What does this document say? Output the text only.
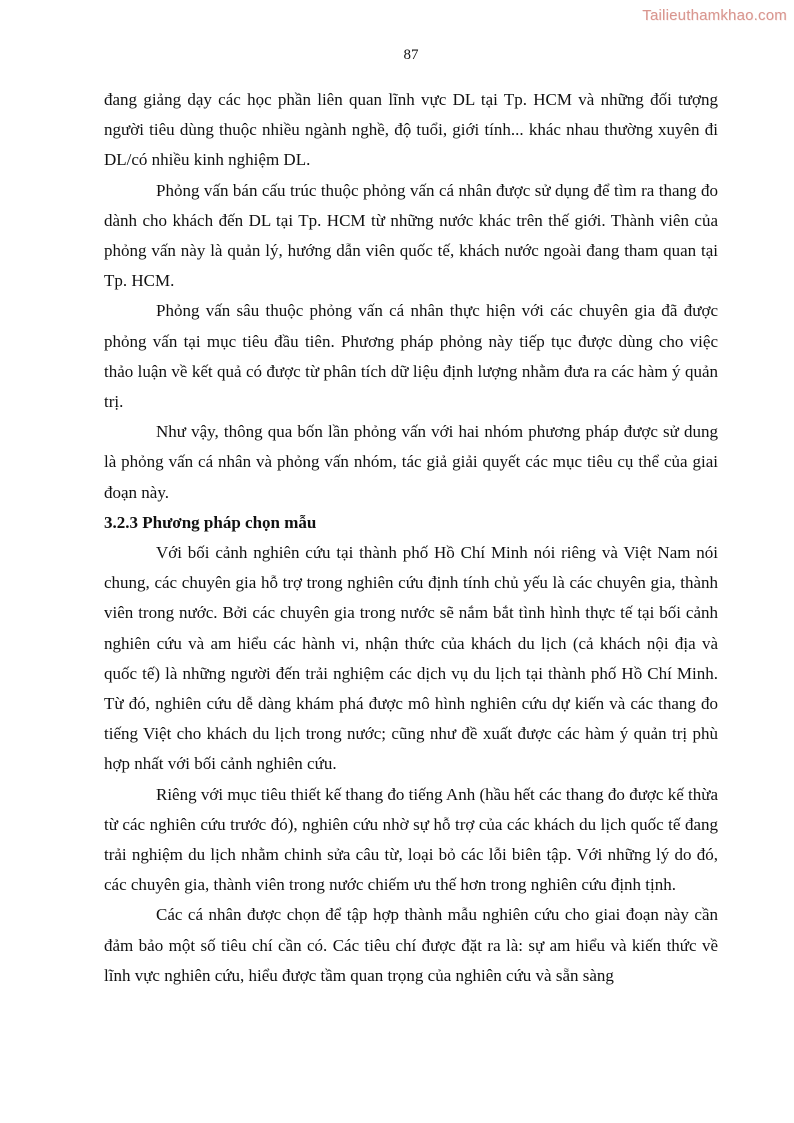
Tailieuthamkhao.com
87

đang giảng dạy các học phần liên quan lĩnh vực DL tại Tp. HCM và những đối tượng người tiêu dùng thuộc nhiều ngành nghề, độ tuổi, giới tính... khác nhau thường xuyên đi DL/có nhiều kinh nghiệm DL.

Phỏng vấn bán cấu trúc thuộc phỏng vấn cá nhân được sử dụng để tìm ra thang đo dành cho khách đến DL tại Tp. HCM từ những nước khác trên thế giới. Thành viên của phỏng vấn này là quản lý, hướng dẫn viên quốc tế, khách nước ngoài đang tham quan tại Tp. HCM.

Phỏng vấn sâu thuộc phỏng vấn cá nhân thực hiện với các chuyên gia đã được phỏng vấn tại mục tiêu đầu tiên. Phương pháp phỏng này tiếp tục được dùng cho việc thảo luận về kết quả có được từ phân tích dữ liệu định lượng nhằm đưa ra các hàm ý quản trị.

Như vậy, thông qua bốn lần phỏng vấn với hai nhóm phương pháp được sử dung là phỏng vấn cá nhân và phỏng vấn nhóm, tác giả giải quyết các mục tiêu cụ thể của giai đoạn này.

3.2.3 Phương pháp chọn mẫu

Với bối cảnh nghiên cứu tại thành phố Hồ Chí Minh nói riêng và Việt Nam nói chung, các chuyên gia hỗ trợ trong nghiên cứu định tính chủ yếu là các chuyên gia, thành viên trong nước. Bởi các chuyên gia trong nước sẽ nắm bắt tình hình thực tế tại bối cảnh nghiên cứu và am hiểu các hành vi, nhận thức của khách du lịch (cả khách nội địa và quốc tế) là những người đến trải nghiệm các dịch vụ du lịch tại thành phố Hồ Chí Minh. Từ đó, nghiên cứu dễ dàng khám phá được mô hình nghiên cứu dự kiến và các thang đo tiếng Việt cho khách du lịch trong nước; cũng như đề xuất được các hàm ý quản trị phù hợp nhất với bối cảnh nghiên cứu.

Riêng với mục tiêu thiết kế thang đo tiếng Anh (hầu hết các thang đo được kế thừa từ các nghiên cứu trước đó), nghiên cứu nhờ sự hỗ trợ của các khách du lịch quốc tế đang trải nghiệm du lịch nhằm chinh sửa câu từ, loại bỏ các lỗi biên tập. Với những lý do đó, các chuyên gia, thành viên trong nước chiếm ưu thế hơn trong nghiên cứu định tịnh.

Các cá nhân được chọn để tập hợp thành mẫu nghiên cứu cho giai đoạn này cần đảm bảo một số tiêu chí cần có. Các tiêu chí được đặt ra là: sự am hiểu và kiến thức về lĩnh vực nghiên cứu, hiểu được tầm quan trọng của nghiên cứu và sẵn sàng
